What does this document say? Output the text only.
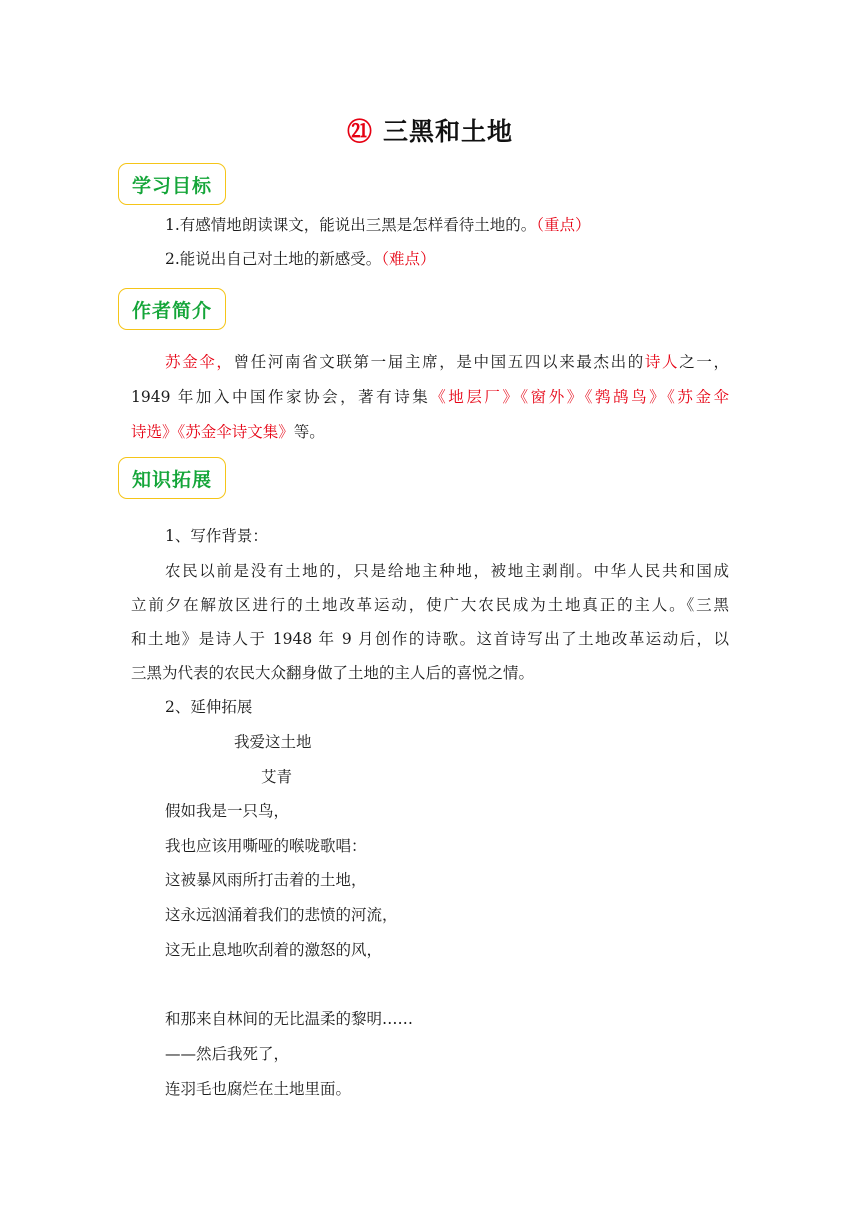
㉑ 三黑和土地
学习目标
1.有感情地朗读课文，能说出三黑是怎样看待土地的。（重点）
2.能说出自己对土地的新感受。（难点）
作者简介
苏金伞，曾任河南省文联第一届主席，是中国五四以来最杰出的诗人之一，
1949 年加入中国作家协会，著有诗集《地层厂》《窗外》《鹁鸪鸟》《苏金伞
诗选》《苏金伞诗文集》等。
知识拓展
1、写作背景：
农民以前是没有土地的，只是给地主种地，被地主剥削。中华人民共和国成
立前夕在解放区进行的土地改革运动，使广大农民成为土地真正的主人。《三黑
和土地》是诗人于 1948 年 9 月创作的诗歌。这首诗写出了土地改革运动后，以
三黑为代表的农民大众翻身做了土地的主人后的喜悦之情。
2、延伸拓展
我爱这土地
艾青
假如我是一只鸟，
我也应该用嘶哑的喉咙歌唱：
这被暴风雨所打击着的土地，
这永远汹涌着我们的悲愤的河流，
这无止息地吹刮着的激怒的风，
和那来自林间的无比温柔的黎明……
——然后我死了，
连羽毛也腐烂在土地里面。
